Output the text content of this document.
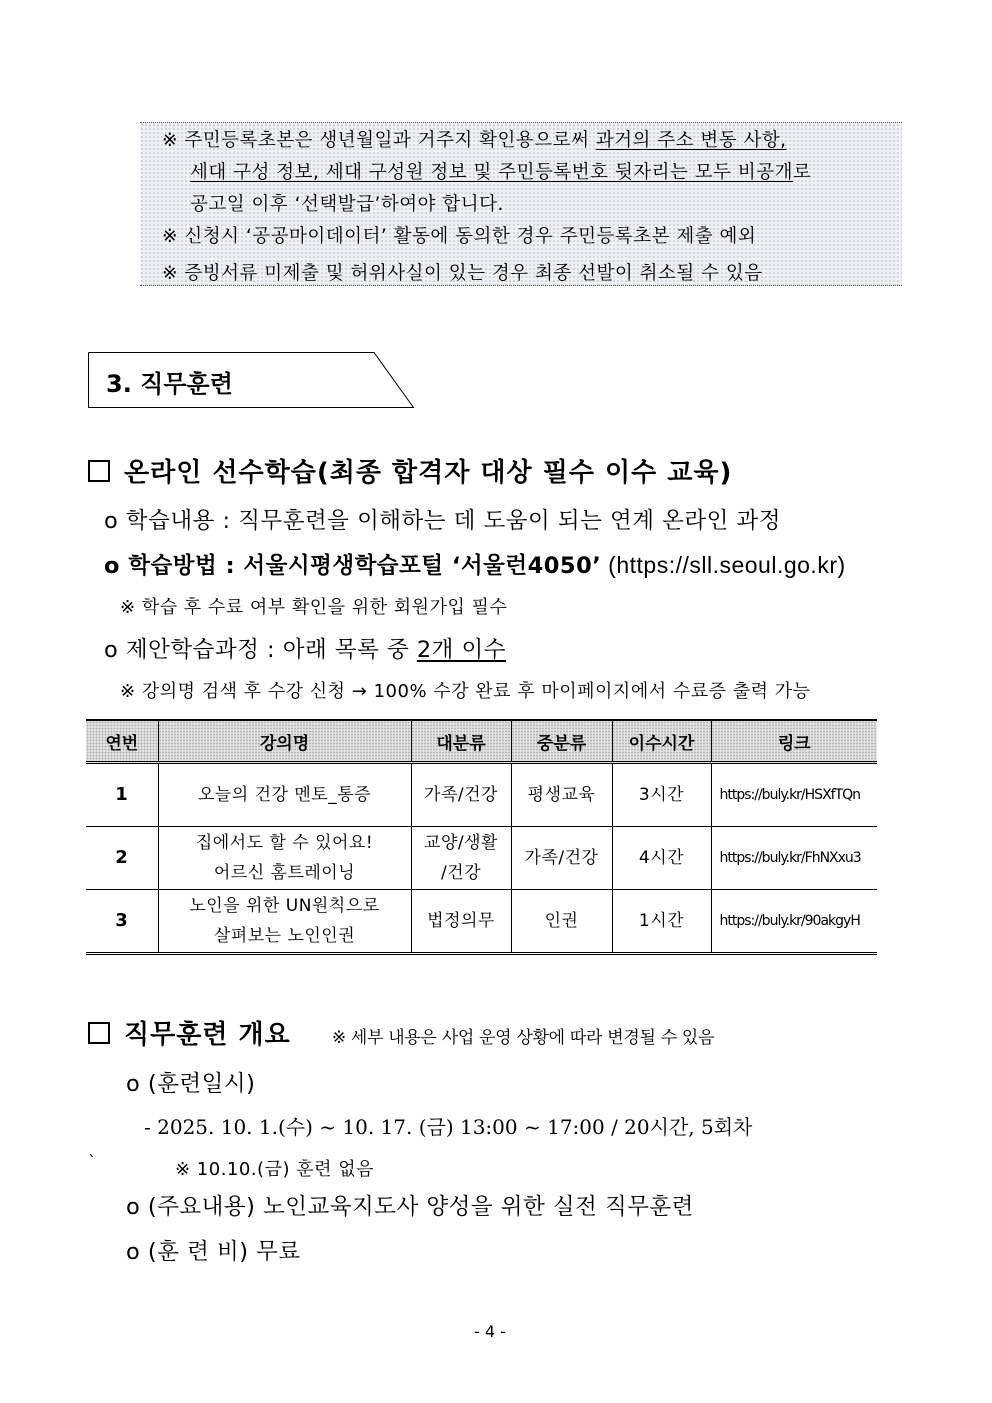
※ 주민등록초본은 생년월일과 거주지 확인용으로써 과거의 주소 변동 사항,
세대 구성 정보, 세대 구성원 정보 및 주민등록번호 뒷자리는 모두 비공개로
공고일 이후 ‘선택발급’하여야 합니다.
※ 신청시 ‘공공마이데이터’ 활동에 동의한 경우 주민등록초본 제출 예외
※ 증빙서류 미제출 및 허위사실이 있는 경우 최종 선발이 취소될 수 있음
3. 직무훈련
온라인 선수학습(최종 합격자 대상 필수 이수 교육)
o 학습내용 : 직무훈련을 이해하는 데 도움이 되는 연계 온라인 과정
o 학습방법 : 서울시평생학습포털 ‘서울런4050’ (https://sll.seoul.go.kr)
※ 학습 후 수료 여부 확인을 위한 회원가입 필수
o 제안학습과정 : 아래 목록 중 2개 이수
※ 강의명 검색 후 수강 신청 → 100% 수강 완료 후 마이페이지에서 수료증 출력 가능
연번	강의명	대분류	중분류	이수시간	링크
1	오늘의 건강 멘토_통증	가족/건강	평생교육	3시간	https://buly.kr/HSXfTQn
2	집에서도 할 수 있어요!
어르신 홈트레이닝	교양/생활
/건강	가족/건강	4시간	https://buly.kr/FhNXxu3
3	노인을 위한 UN원칙으로
살펴보는 노인인권	법정의무	인권	1시간	https://buly.kr/90akgyH
직무훈련 개요 ※ 세부 내용은 사업 운영 상황에 따라 변경될 수 있음
o (훈련일시)
- 2025. 10. 1.(수) ~ 10. 17. (금) 13:00 ~ 17:00 / 20시간, 5회차
`	※ 10.10.(금) 훈련 없음
o (주요내용) 노인교육지도사 양성을 위한 실전 직무훈련
o (훈 련 비) 무료
- 4 -
